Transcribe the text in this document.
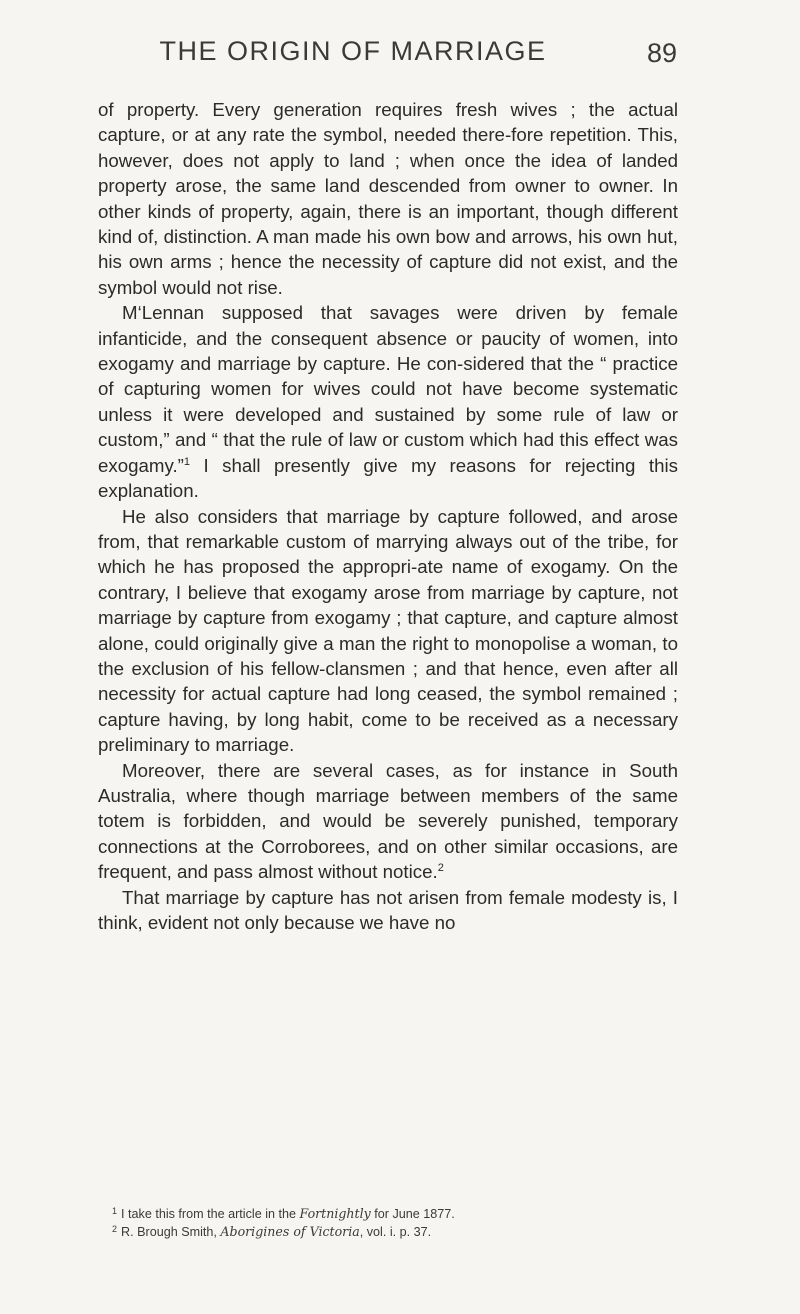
THE ORIGIN OF MARRIAGE	89

of property. Every generation requires fresh wives ; the actual capture, or at any rate the symbol, needed there-fore repetition. This, however, does not apply to land ; when once the idea of landed property arose, the same land descended from owner to owner. In other kinds of property, again, there is an important, though different kind of, distinction. A man made his own bow and arrows, his own hut, his own arms ; hence the necessity of capture did not exist, and the symbol would not rise.

M‘Lennan supposed that savages were driven by female infanticide, and the consequent absence or paucity of women, into exogamy and marriage by capture. He con-sidered that the “ practice of capturing women for wives could not have become systematic unless it were developed and sustained by some rule of law or custom,” and “ that the rule of law or custom which had this effect was exogamy.”$^1$ I shall presently give my reasons for rejecting this explanation.

He also considers that marriage by capture followed, and arose from, that remarkable custom of marrying always out of the tribe, for which he has proposed the appropri-ate name of exogamy. On the contrary, I believe that exogamy arose from marriage by capture, not marriage by capture from exogamy ; that capture, and capture almost alone, could originally give a man the right to monopolise a woman, to the exclusion of his fellow-clansmen ; and that hence, even after all necessity for actual capture had long ceased, the symbol remained ; capture having, by long habit, come to be received as a necessary preliminary to marriage.

Moreover, there are several cases, as for instance in South Australia, where though marriage between members of the same totem is forbidden, and would be severely punished, temporary connections at the Corroborees, and on other similar occasions, are frequent, and pass almost without notice.$^2$

That marriage by capture has not arisen from female modesty is, I think, evident not only because we have no

$^1$ I take this from the article in the Fortnightly for June 1877.

$^2$ R. Brough Smith, Aborigines of Victoria, vol. i. p. 37.
